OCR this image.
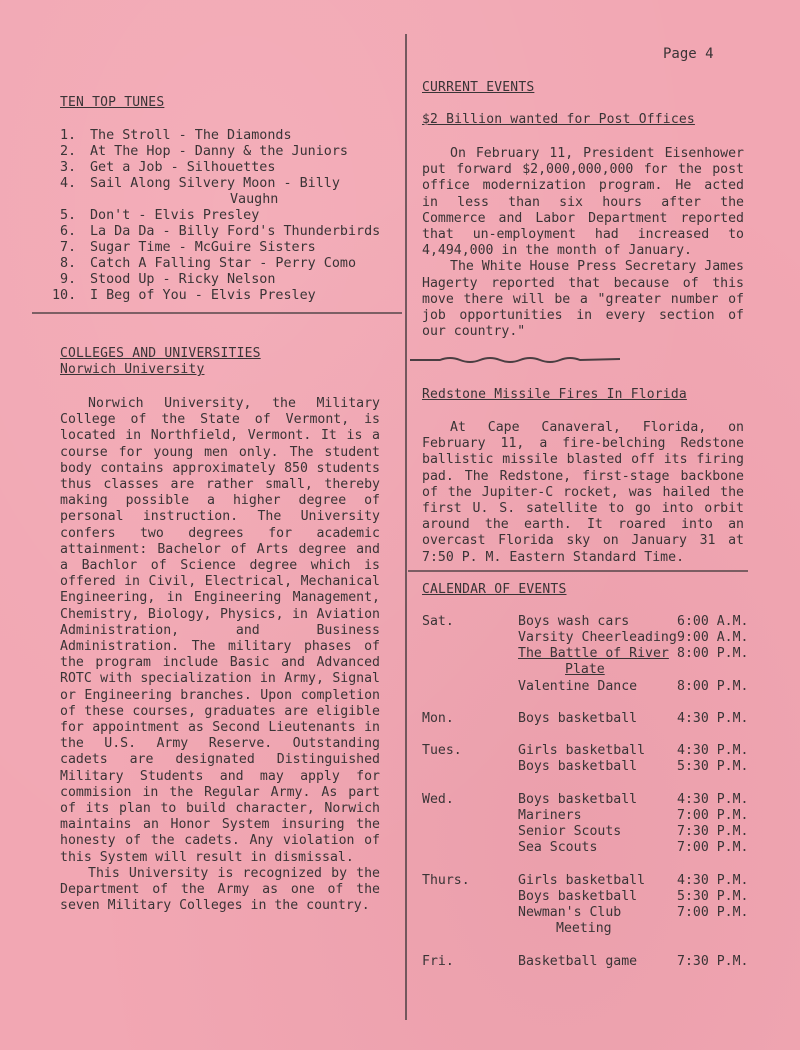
Page 4
TEN TOP TUNES
1. The Stroll - The Diamonds
2. At The Hop - Danny & the Juniors
3. Get a Job - Silhouettes
4. Sail Along Silvery Moon - Billy
Vaughn
5. Don't - Elvis Presley
6. La Da Da - Billy Ford's Thunderbirds
7. Sugar Time - McGuire Sisters
8. Catch A Falling Star - Perry Como
9. Stood Up - Ricky Nelson
10. I Beg of You - Elvis Presley
COLLEGES AND UNIVERSITIES
Norwich University

Norwich University, the Military College of the State of Vermont, is located in Northfield, Vermont. It is a course for young men only. The student body contains approximately 850 students thus classes are rather small, thereby making possible a higher degree of personal instruction. The University confers two degrees for academic attainment: Bachelor of Arts degree and a Bachlor of Science degree which is offered in Civil, Electrical, Mechanical Engineering, in Engineering Management, Chemistry, Biology, Physics, in Aviation Administration, and Business Administration. The military phases of the program include Basic and Advanced ROTC with specialization in Army, Signal or Engineering branches. Upon completion of these courses, graduates are eligible for appointment as Second Lieutenants in the U.S. Army Reserve. Outstanding cadets are designated Distinguished Military Students and may apply for commision in the Regular Army. As part of its plan to build character, Norwich maintains an Honor System insuring the honesty of the cadets. Any violation of this System will result in dismissal.

This University is recognized by the Department of the Army as one of the seven Military Colleges in the country.

CURRENT EVENTS
$2 Billion wanted for Post Offices

On February 11, President Eisenhower put forward $2,000,000,000 for the post office modernization program. He acted in less than six hours after the Commerce and Labor Department reported that un-employment had increased to 4,494,000 in the month of January.

The White House Press Secretary James Hagerty reported that because of this move there will be a "greater number of job opportunities in every section of our country."

Redstone Missile Fires In Florida

At Cape Canaveral, Florida, on February 11, a fire-belching Redstone ballistic missile blasted off its firing pad. The Redstone, first-stage backbone of the Jupiter-C rocket, was hailed the first U. S. satellite to go into orbit around the earth. It roared into an overcast Florida sky on January 31 at 7:50 P. M. Eastern Standard Time.

CALENDAR OF EVENTS
Sat.	Boys wash cars	6:00 A.M.
Varsity Cheerleading 9:00 A.M.
The Battle of River 8:00 P.M.
Plate
Valentine Dance	8:00 P.M.
Mon.	Boys basketball	4:30 P.M.
Tues.	Girls basketball 4:30 P.M.
Boys basketball	5:30 P.M.
Wed.	Boys basketball	4:30 P.M.
Mariners	7:00 P.M.
Senior Scouts	7:30 P.M.
Sea Scouts	7:00 P.M.
Thurs.	Girls basketball 4:30 P.M.
Boys basketball	5:30 P.M.
Newman's Club	7:00 P.M.
Meeting
Fri.	Basketball game	7:30 P.M.
